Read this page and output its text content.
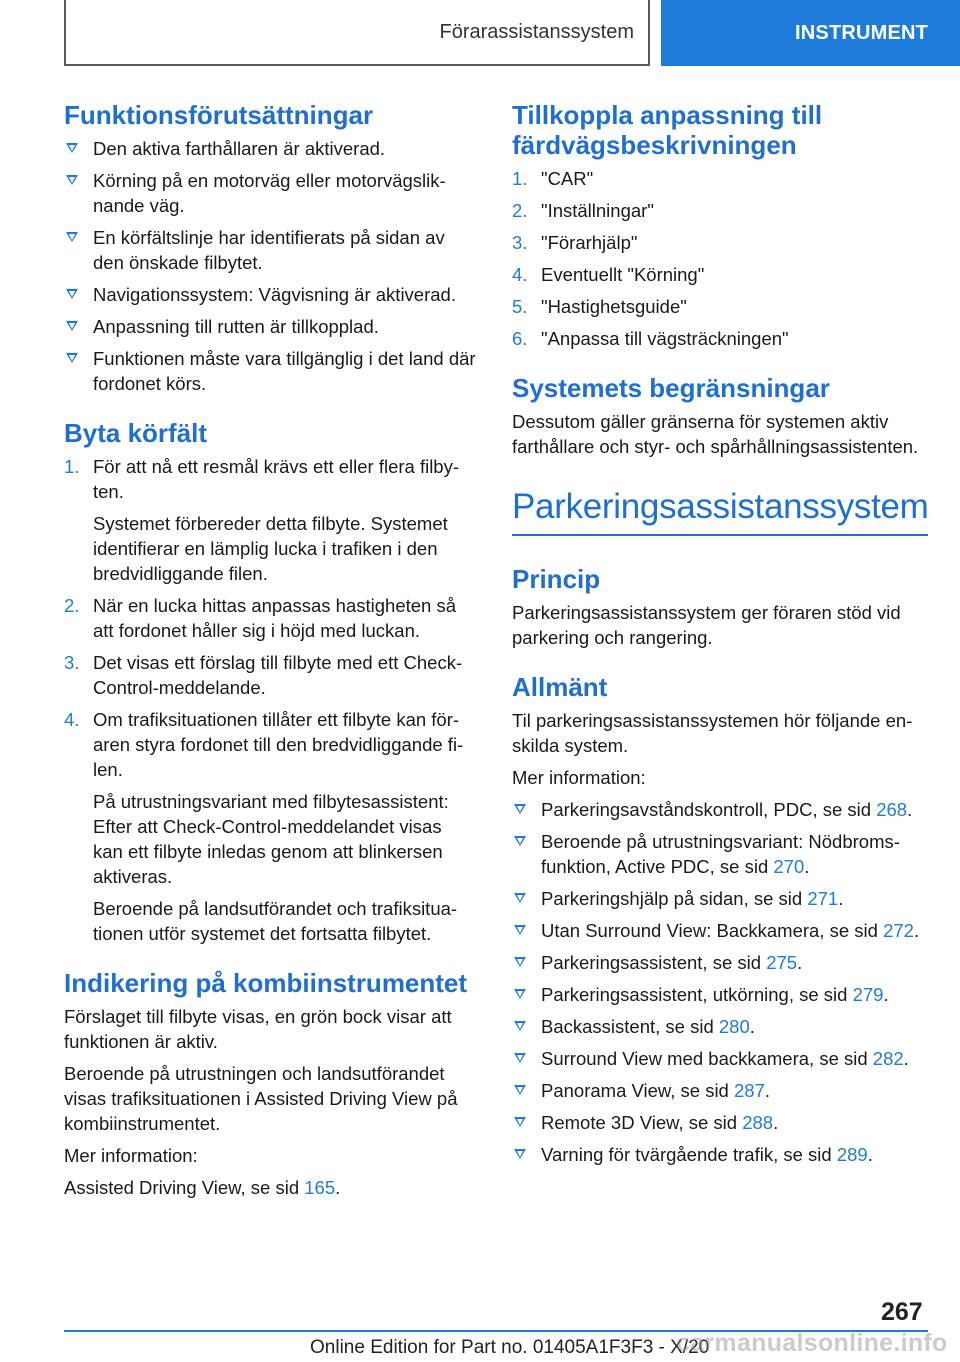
Förarassistanssystem	INSTRUMENT
Funktionsförutsättningar
Den aktiva farthållaren är aktiverad.
Körning på en motorväg eller motorvägsliknande väg.
En körfältslinje har identifierats på sidan av den önskade filbytet.
Navigationssystem: Vägvisning är aktiverad.
Anpassning till rutten är tillkopplad.
Funktionen måste vara tillgänglig i det land där fordonet körs.
Byta körfält
1. För att nå ett resmål krävs ett eller flera filbyten.

Systemet förbereder detta filbyte. Systemet identifierar en lämplig lucka i trafiken i den bredvidliggande filen.

2. När en lucka hittas anpassas hastigheten så att fordonet håller sig i höjd med luckan.
3. Det visas ett förslag till filbyte med ett Check-Control-meddelande.
4. Om trafiksituationen tillåter ett filbyte kan föraren styra fordonet till den bredvidliggande filen.

På utrustningsvariant med filbytesassistent: Efter att Check-Control-meddelandet visas kan ett filbyte inledas genom att blinkersen aktiveras.

Beroende på landsutförandet och trafiksituationen utför systemet det fortsatta filbytet.

Indikering på kombiinstrumentet

Förslaget till filbyte visas, en grön bock visar att funktionen är aktiv.

Beroende på utrustningen och landsutförandet visas trafiksituationen i Assisted Driving View på kombiinstrumentet.

Mer information:

Assisted Driving View, se sid 165.

Tillkoppla anpassning till färdvägsbeskrivningen
1. "CAR"
2. "Inställningar"
3. "Förarhjälp"
4. Eventuellt "Körning"
5. "Hastighetsguide"
6. "Anpassa till vägsträckningen"
Systemets begränsningar

Dessutom gäller gränserna för systemen aktiv farthållare och styr- och spårhållningsassistenten.

Parkeringsassistanssystem
Princip

Parkeringsassistanssystem ger föraren stöd vid parkering och rangering.

Allmänt

Til parkeringsassistanssystemen hör följande enskilda system.

Mer information:

Parkeringsavståndskontroll, PDC, se sid 268.
Beroende på utrustningsvariant: Nödbromsfunktion, Active PDC, se sid 270.
Parkeringshjälp på sidan, se sid 271.
Utan Surround View: Backkamera, se sid 272.
Parkeringsassistent, se sid 275.
Parkeringsassistent, utkörning, se sid 279.
Backassistent, se sid 280.
Surround View med backkamera, se sid 282.
Panorama View, se sid 287.
Remote 3D View, se sid 288.
Varning för tvärgående trafik, se sid 289.
267
Online Edition for Part no. 01405A1F3F3 - X/20
carmanualsonline.info
